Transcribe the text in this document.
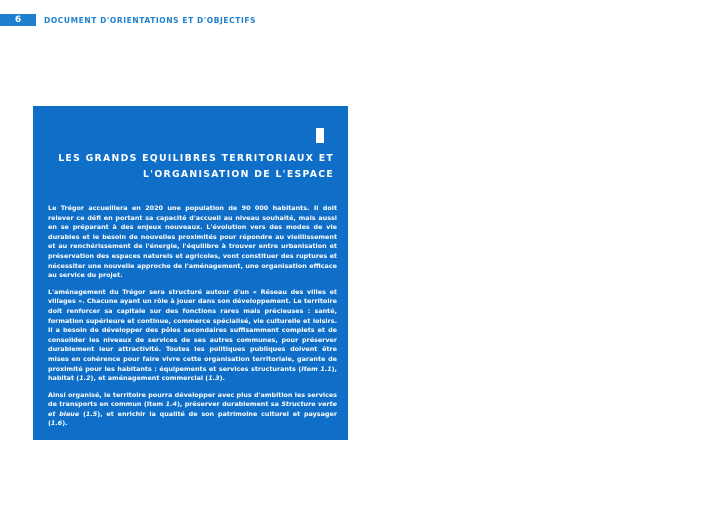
6	DOCUMENT D'ORIENTATIONS ET D'OBJECTIFS
LES GRANDS EQUILIBRES TERRITORIAUX ET
L'ORGANISATION DE L'ESPACE

Le Trégor accueillera en 2020 une population de 90 000 habitants. Il doit relever ce défi en portant sa capacité d'accueil au niveau souhaité, mais aussi en se préparant à des enjeux nouveaux. L'évolution vers des modes de vie durables et le besoin de nouvelles proximités pour répondre au vieillissement et au renchérissement de l'énergie, l'équilibre à trouver entre urbanisation et préservation des espaces naturels et agricoles, vont constituer des ruptures et nécessiter une nouvelle approche de l'aménagement, une organisation efficace au service du projet.

L'aménagement du Trégor sera structuré autour d'un « Réseau des villes et villages ». Chacune ayant un rôle à jouer dans son développement. Le territoire doit renforcer sa capitale sur des fonctions rares mais précieuses : santé, formation supérieure et continue, commerce spécialisé, vie culturelle et loisirs. Il a besoin de développer des pôles secondaires suffisamment complets et de consolider les niveaux de services de ses autres communes, pour préserver durablement leur attractivité. Toutes les politiques publiques doivent être mises en cohérence pour faire vivre cette organisation territoriale, garante de proximité pour les habitants : équipements et services structurants (Item 1.1), habitat (1.2), et aménagement commercial (1.3).

Ainsi organisé, le territoire pourra développer avec plus d'ambition les services de transports en commun (Item 1.4), préserver durablement sa Structure verte et bleue (1.5), et enrichir la qualité de son patrimoine culturel et paysager (1.6).
